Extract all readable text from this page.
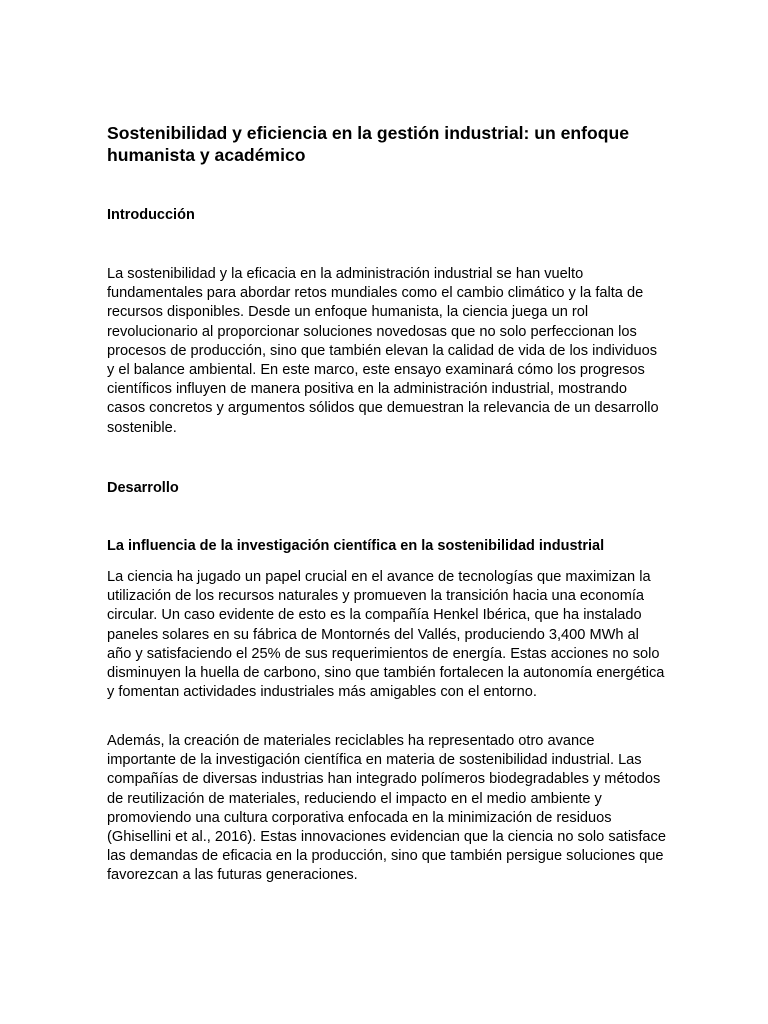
Sostenibilidad y eficiencia en la gestión industrial: un enfoque humanista y académico
Introducción

La sostenibilidad y la eficacia en la administración industrial se han vuelto fundamentales para abordar retos mundiales como el cambio climático y la falta de recursos disponibles. Desde un enfoque humanista, la ciencia juega un rol revolucionario al proporcionar soluciones novedosas que no solo perfeccionan los procesos de producción, sino que también elevan la calidad de vida de los individuos y el balance ambiental. En este marco, este ensayo examinará cómo los progresos científicos influyen de manera positiva en la administración industrial, mostrando casos concretos y argumentos sólidos que demuestran la relevancia de un desarrollo sostenible.

Desarrollo
La influencia de la investigación científica en la sostenibilidad industrial

La ciencia ha jugado un papel crucial en el avance de tecnologías que maximizan la utilización de los recursos naturales y promueven la transición hacia una economía circular. Un caso evidente de esto es la compañía Henkel Ibérica, que ha instalado paneles solares en su fábrica de Montornés del Vallés, produciendo 3,400 MWh al año y satisfaciendo el 25% de sus requerimientos de energía. Estas acciones no solo disminuyen la huella de carbono, sino que también fortalecen la autonomía energética y fomentan actividades industriales más amigables con el entorno.

Además, la creación de materiales reciclables ha representado otro avance importante de la investigación científica en materia de sostenibilidad industrial. Las compañías de diversas industrias han integrado polímeros biodegradables y métodos de reutilización de materiales, reduciendo el impacto en el medio ambiente y promoviendo una cultura corporativa enfocada en la minimización de residuos (Ghisellini et al., 2016). Estas innovaciones evidencian que la ciencia no solo satisface las demandas de eficacia en la producción, sino que también persigue soluciones que favorezcan a las futuras generaciones.
